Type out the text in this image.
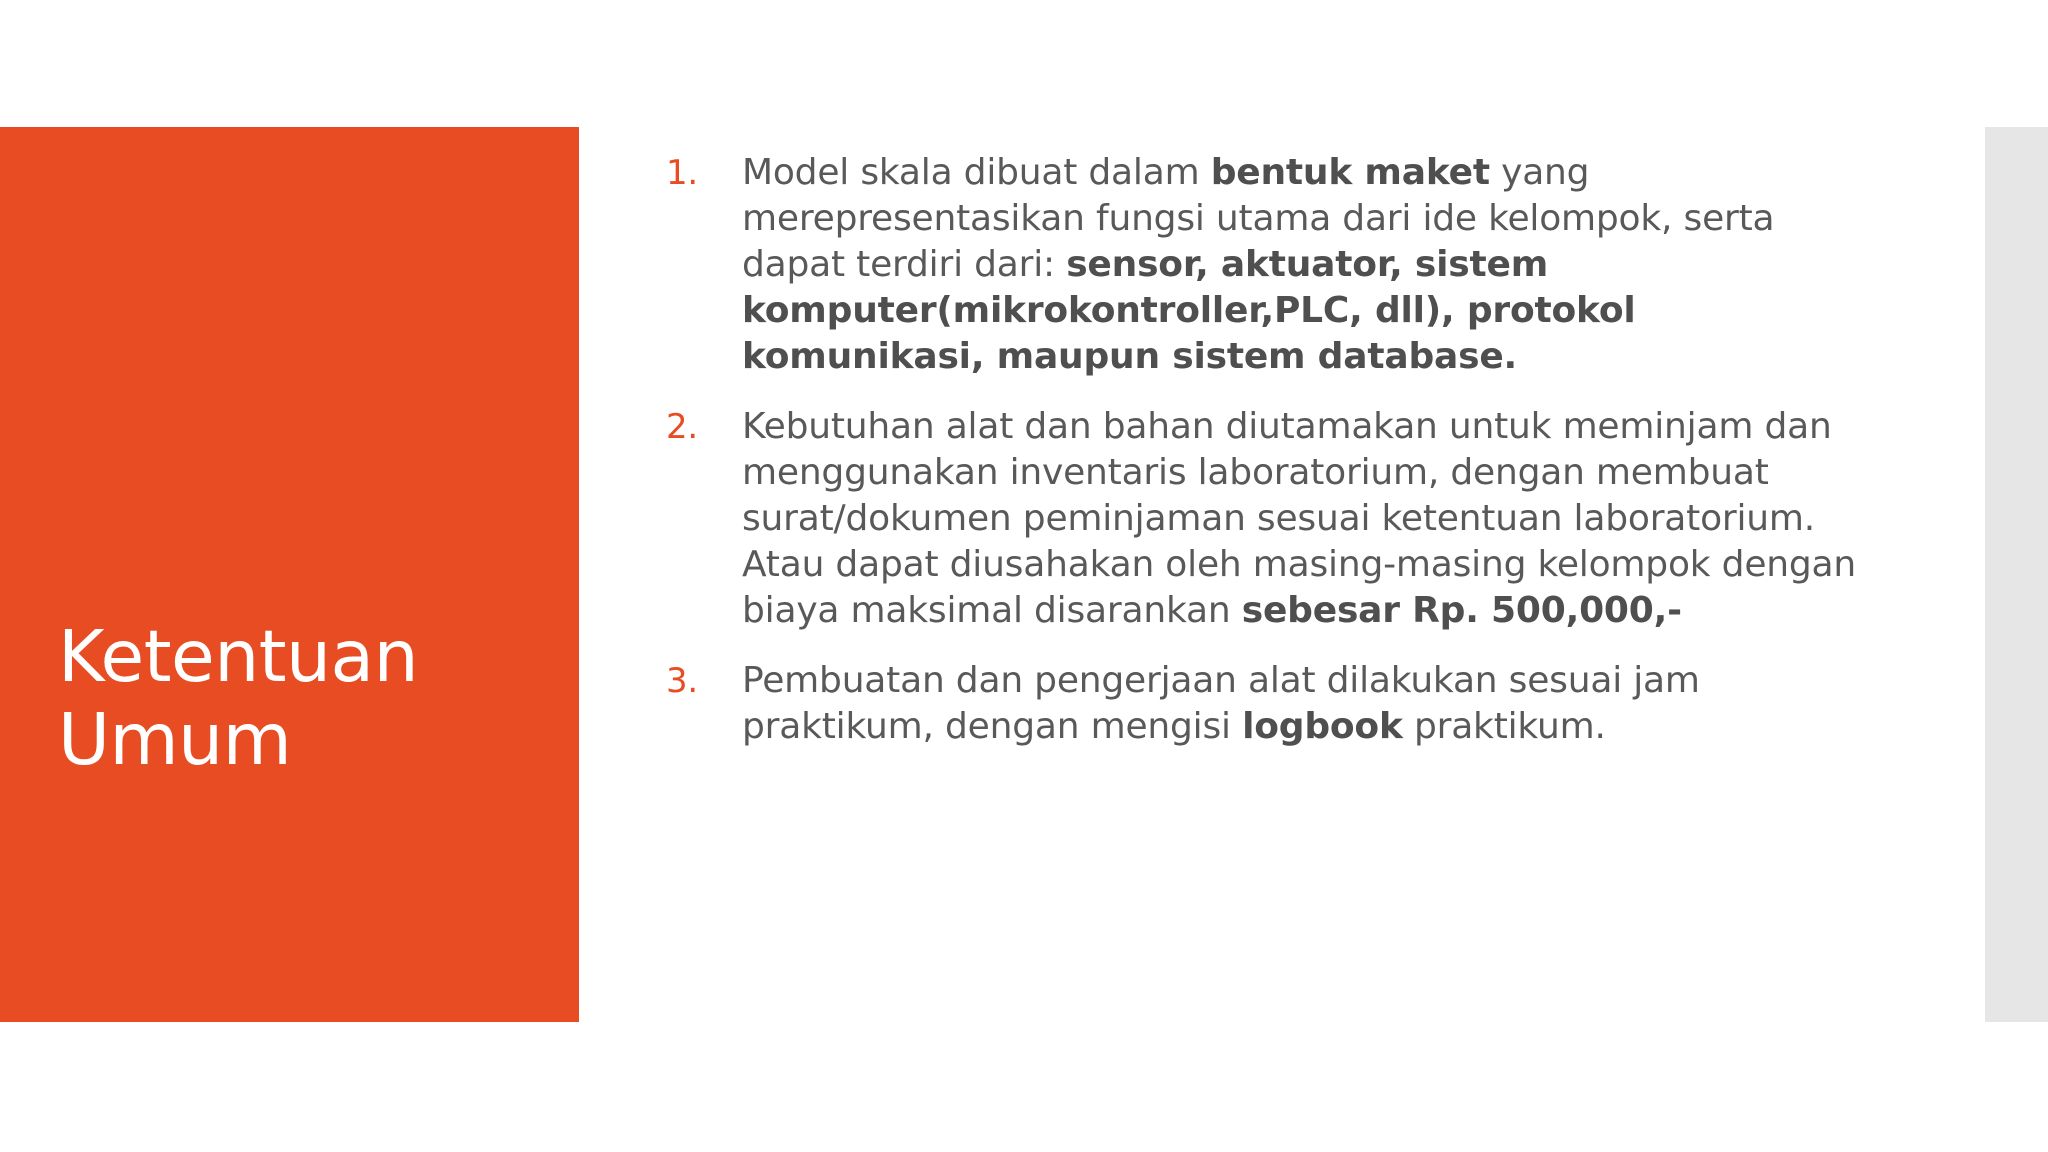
Ketentuan
Umum
1. Model skala dibuat dalam bentuk maket yang merepresentasikan fungsi utama dari ide kelompok, serta dapat terdiri dari: sensor, aktuator, sistem komputer(mikrokontroller,PLC, dll), protokol komunikasi, maupun sistem database.
2. Kebutuhan alat dan bahan diutamakan untuk meminjam dan menggunakan inventaris laboratorium, dengan membuat surat/dokumen peminjaman sesuai ketentuan laboratorium. Atau dapat diusahakan oleh masing-masing kelompok dengan biaya maksimal disarankan sebesar Rp. 500,000,-
3. Pembuatan dan pengerjaan alat dilakukan sesuai jam praktikum, dengan mengisi logbook praktikum.
